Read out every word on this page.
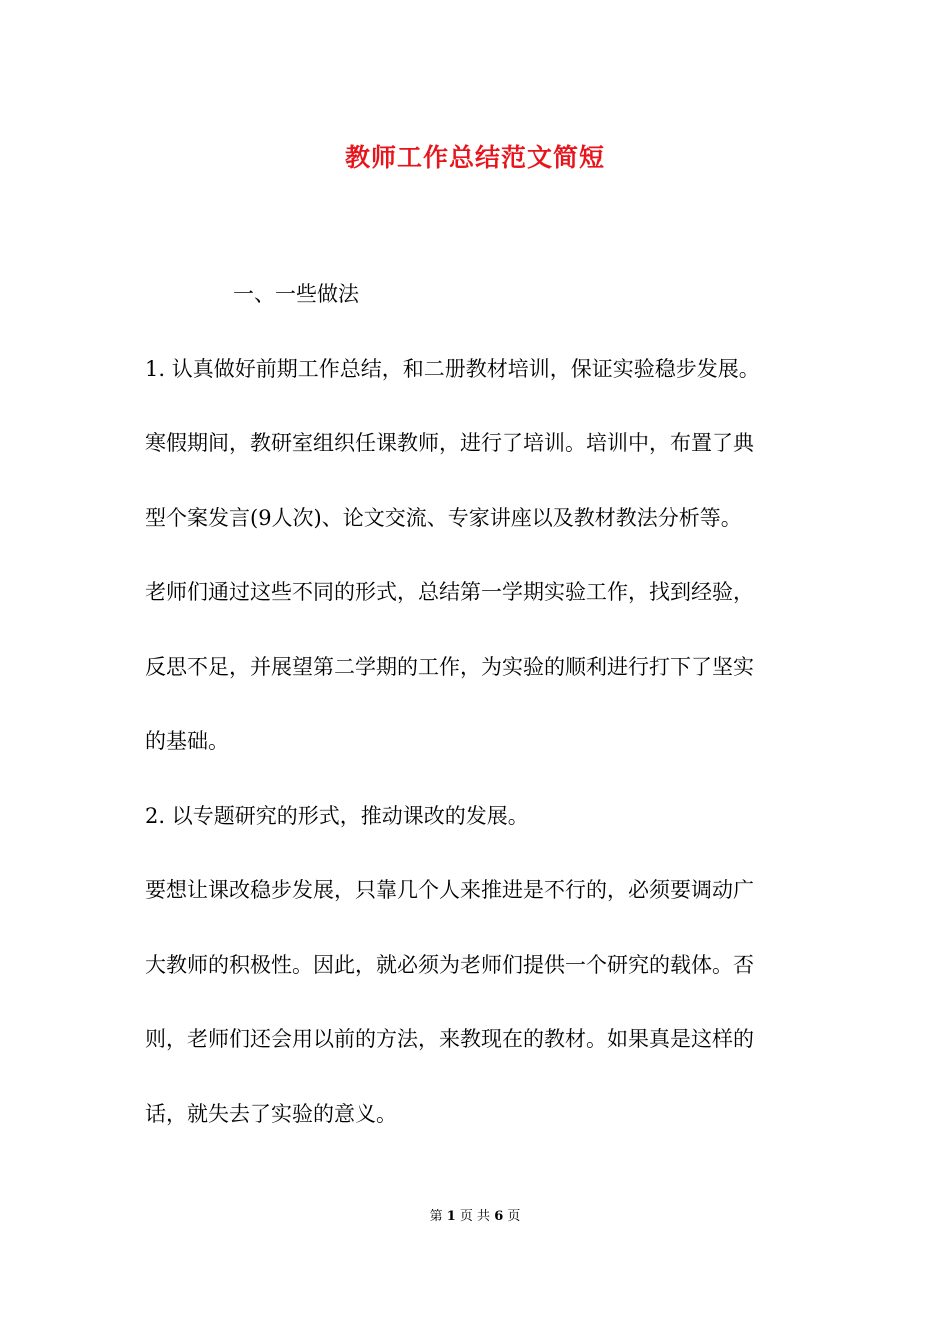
教师工作总结范文简短
一、一些做法
1. 认真做好前期工作总结，和二册教材培训，保证实验稳步发展。
寒假期间，教研室组织任课教师，进行了培训。培训中，布置了典
型个案发言(9人次)、论文交流、专家讲座以及教材教法分析等。
老师们通过这些不同的形式，总结第一学期实验工作，找到经验，
反思不足，并展望第二学期的工作，为实验的顺利进行打下了坚实
的基础。
2. 以专题研究的形式，推动课改的发展。
要想让课改稳步发展，只靠几个人来推进是不行的，必须要调动广
大教师的积极性。因此，就必须为老师们提供一个研究的载体。否
则，老师们还会用以前的方法，来教现在的教材。如果真是这样的
话，就失去了实验的意义。
第 1 页 共 6 页
